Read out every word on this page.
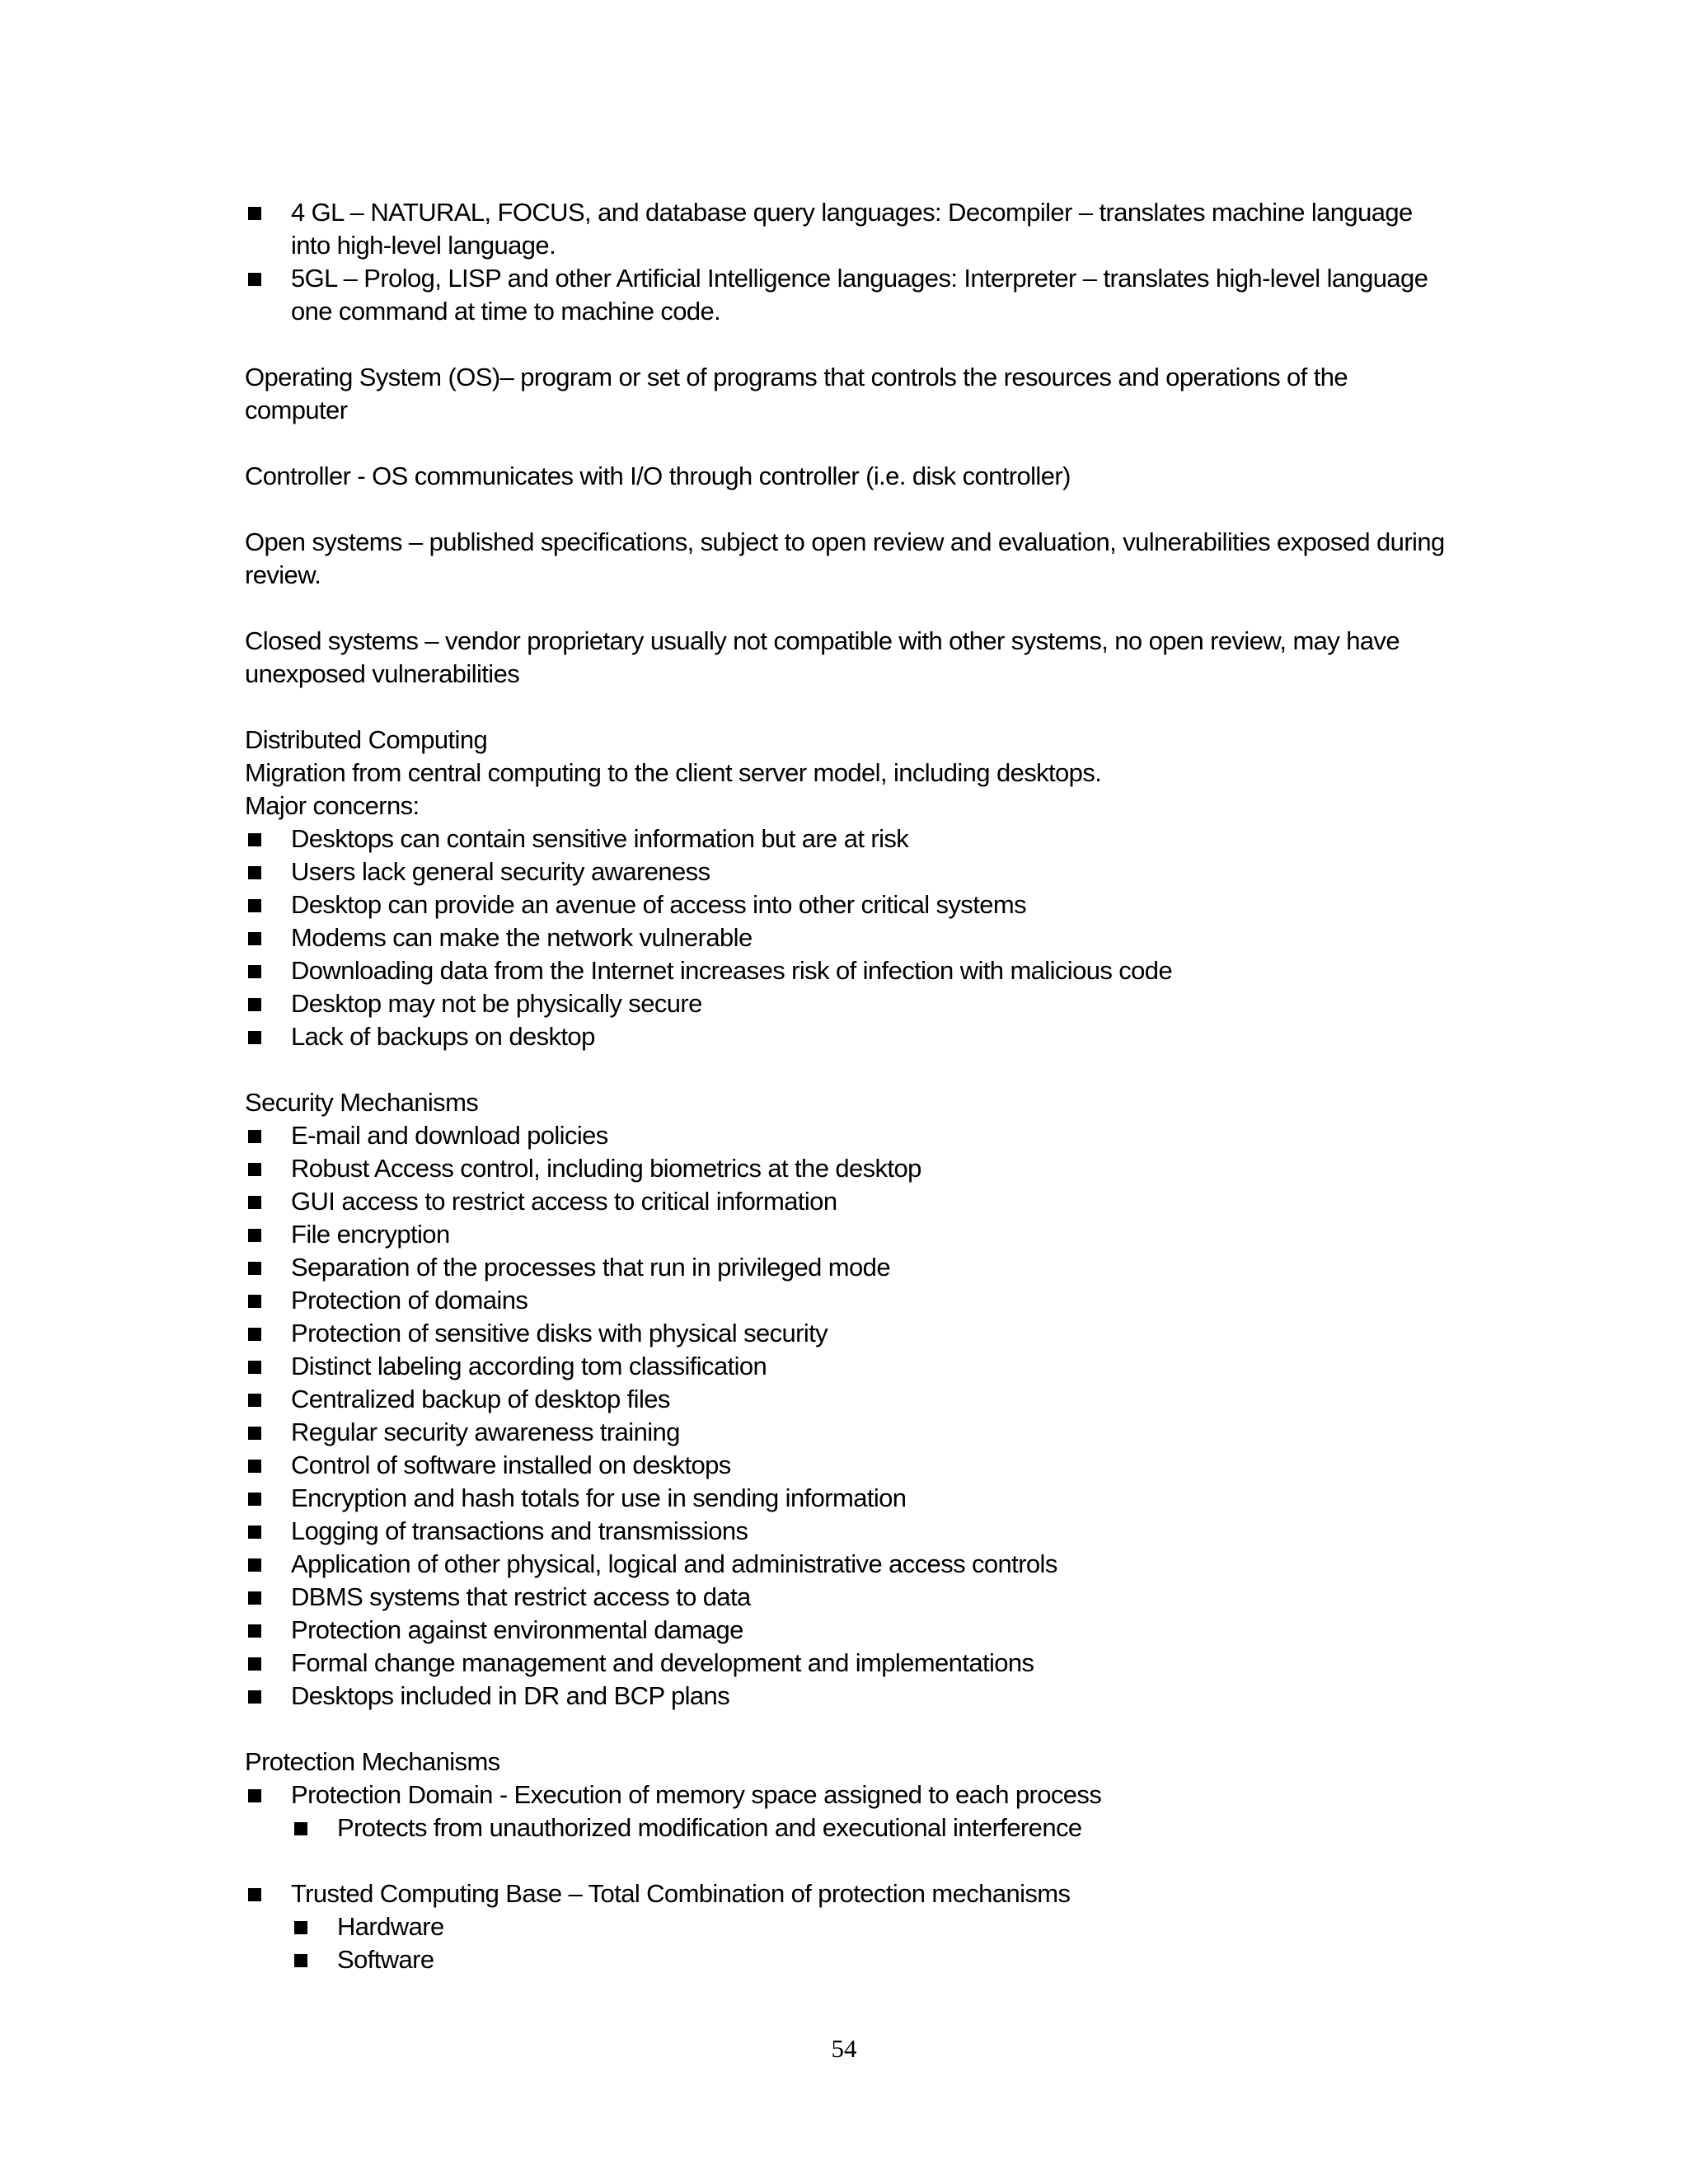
4 GL – NATURAL, FOCUS, and database query languages: Decompiler – translates machine language into high-level language.
5GL – Prolog, LISP and other Artificial Intelligence languages: Interpreter – translates high-level language one command at time to machine code.

Operating System (OS)– program or set of programs that controls the resources and operations of the computer

Controller - OS communicates with I/O through controller (i.e. disk controller)

Open systems – published specifications, subject to open review and evaluation, vulnerabilities exposed during review.

Closed systems – vendor proprietary usually not compatible with other systems, no open review, may have unexposed vulnerabilities

Distributed Computing

Migration from central computing to the client server model, including desktops.

Major concerns:

Desktops can contain sensitive information but are at risk
Users lack general security awareness
Desktop can provide an avenue of access into other critical systems
Modems can make the network vulnerable
Downloading data from the Internet increases risk of infection with malicious code
Desktop may not be physically secure
Lack of backups on desktop

Security Mechanisms

E-mail and download policies
Robust Access control, including biometrics at the desktop
GUI access to restrict access to critical information
File encryption
Separation of the processes that run in privileged mode
Protection of domains
Protection of sensitive disks with physical security
Distinct labeling according tom classification
Centralized backup of desktop files
Regular security awareness training
Control of software installed on desktops
Encryption and hash totals for use in sending information
Logging of transactions and transmissions
Application of other physical, logical and administrative access controls
DBMS systems that restrict access to data
Protection against environmental damage
Formal change management and development and implementations
Desktops included in DR and BCP plans

Protection Mechanisms

Protection Domain - Execution of memory space assigned to each process
Protects from unauthorized modification and executional interference
Trusted Computing Base – Total Combination of protection mechanisms
Hardware
Software
54
